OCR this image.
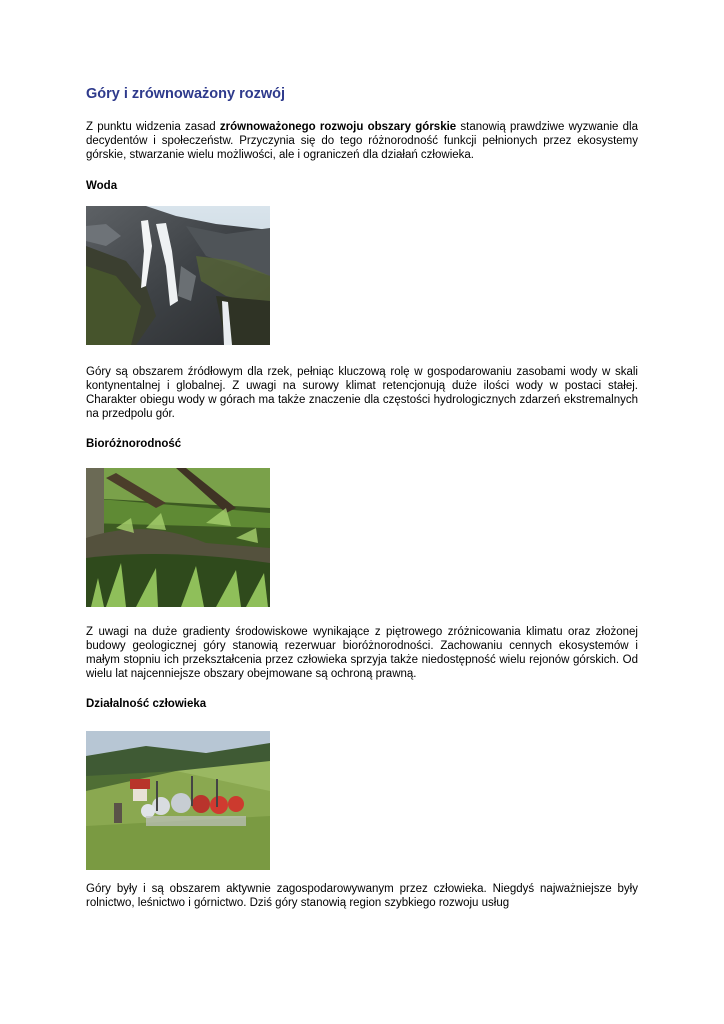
Góry i zrównoważony rozwój

Z punktu widzenia zasad zrównoważonego rozwoju obszary górskie stanowią prawdziwe wyzwanie dla decydentów i społeczeństw. Przyczynia się do tego różnorodność funkcji pełnionych przez ekosystemy górskie, stwarzanie wielu możliwości, ale i ograniczeń dla działań człowieka.

Woda

Góry są obszarem źródłowym dla rzek, pełniąc kluczową rolę w gospodarowaniu zasobami wody w skali kontynentalnej i globalnej. Z uwagi na surowy klimat retencjonują duże ilości wody w postaci stałej. Charakter obiegu wody w górach ma także znaczenie dla częstości hydrologicznych zdarzeń ekstremalnych na przedpolu gór.

Bioróżnorodność

Z uwagi na duże gradienty środowiskowe wynikające z piętrowego zróżnicowania klimatu oraz złożonej budowy geologicznej góry stanowią rezerwuar bioróżnorodności. Zachowaniu cennych ekosystemów i małym stopniu ich przekształcenia przez człowieka sprzyja także niedostępność wielu rejonów górskich. Od wielu lat najcenniejsze obszary obejmowane są ochroną prawną.

Działalność człowieka

Góry były i są obszarem aktywnie zagospodarowywanym przez człowieka. Niegdyś najważniejsze były rolnictwo, leśnictwo i górnictwo. Dziś góry stanowią region szybkiego rozwoju usług
